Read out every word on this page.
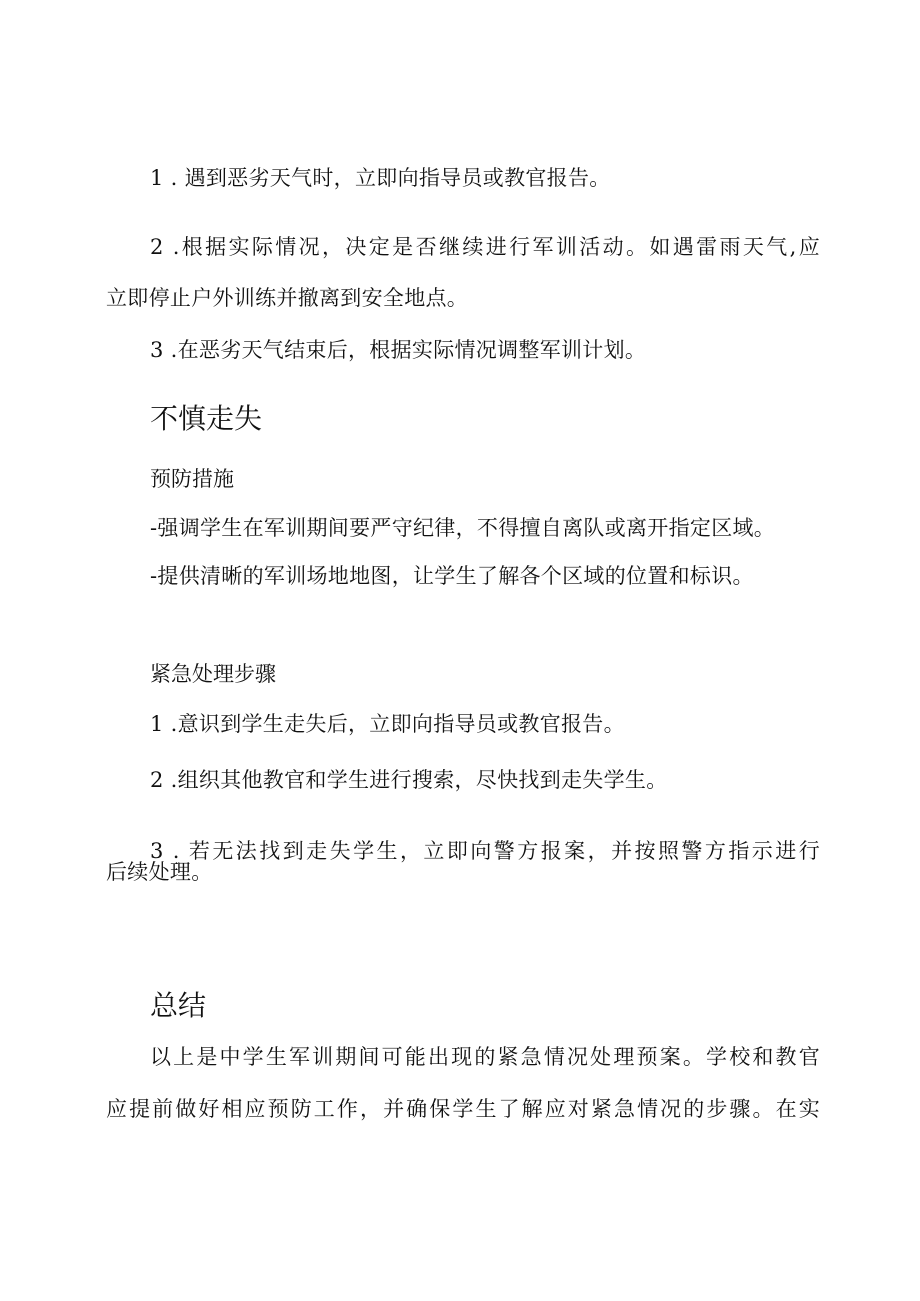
1 . 遇到恶劣天气时，立即向指导员或教官报告。
2 .根据实际情况，决定是否继续进行军训活动。如遇雷雨天气,应
立即停止户外训练并撤离到安全地点。
3 .在恶劣天气结束后，根据实际情况调整军训计划。
不慎走失
预防措施
-强调学生在军训期间要严守纪律，不得擅自离队或离开指定区域。
-提供清晰的军训场地地图，让学生了解各个区域的位置和标识。
紧急处理步骤
1 .意识到学生走失后，立即向指导员或教官报告。
2 .组织其他教官和学生进行搜索，尽快找到走失学生。
3 . 若无法找到走失学生，立即向警方报案，并按照警方指示进行
后续处理。
总结
以上是中学生军训期间可能出现的紧急情况处理预案。学校和教官
应提前做好相应预防工作，并确保学生了解应对紧急情况的步骤。在实
